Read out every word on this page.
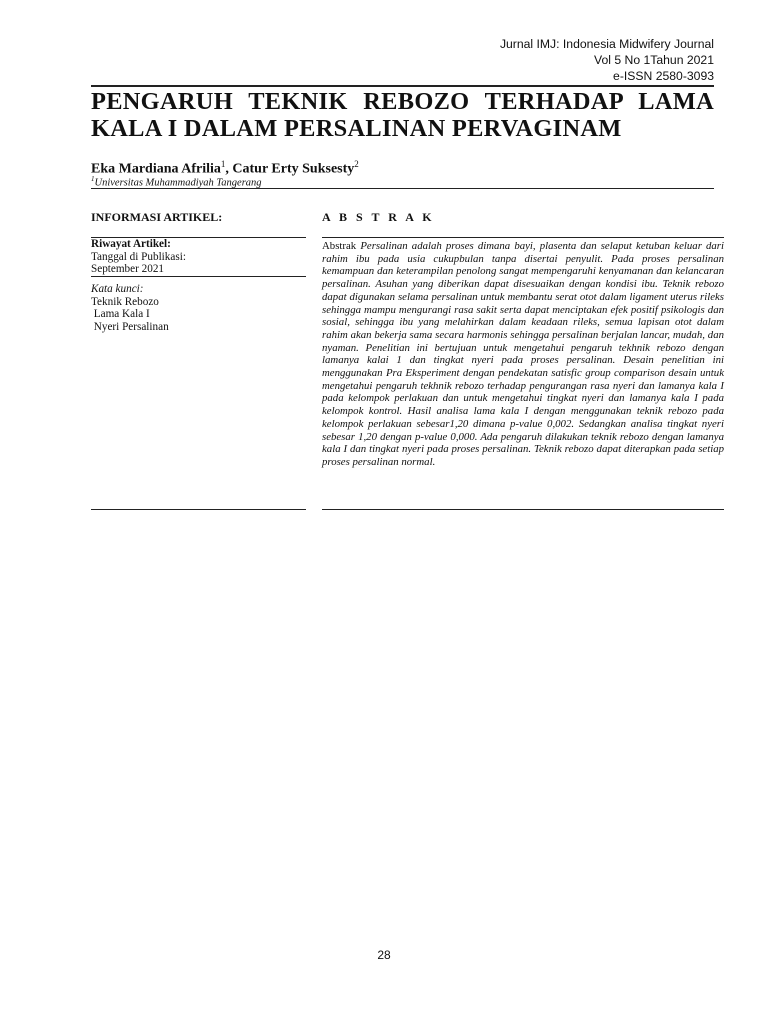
Jurnal IMJ: Indonesia Midwifery Journal
Vol 5 No 1Tahun 2021
e-ISSN 2580-3093
PENGARUH TEKNIK REBOZO TERHADAP LAMA KALA I DALAM PERSALINAN PERVAGINAM
Eka Mardiana Afrilia$^1$, Catur Erty Suksesty$^2$
$^1$Universitas Muhammadiyah Tangerang
INFORMASI ARTIKEL:	A B S T R A K
Riwayat Artikel:
Tanggal di Publikasi:
September 2021
Kata kunci:
Teknik Rebozo
Lama Kala I
Nyeri Persalinan

Abstrak Persalinan adalah proses dimana bayi, plasenta dan selaput ketuban keluar dari rahim ibu pada usia cukupbulan tanpa disertai penyulit. Pada proses persalinan kemampuan dan keterampilan penolong sangat mempengaruhi kenyamanan dan kelancaran persalinan. Asuhan yang diberikan dapat disesuaikan dengan kondisi ibu. Teknik rebozo dapat digunakan selama persalinan untuk membantu serat otot dalam ligament uterus rileks sehingga mampu mengurangi rasa sakit serta dapat menciptakan efek positif psikologis dan sosial, sehingga ibu yang melahirkan dalam keadaan rileks, semua lapisan otot dalam rahim akan bekerja sama secara harmonis sehingga persalinan berjalan lancar, mudah, dan nyaman. Penelitian ini bertujuan untuk mengetahui pengaruh tekhnik rebozo dengan lamanya kalai 1 dan tingkat nyeri pada proses persalinan. Desain penelitian ini menggunakan Pra Eksperiment dengan pendekatan satisfic group comparison desain untuk mengetahui pengaruh tekhnik rebozo terhadap pengurangan rasa nyeri dan lamanya kala I pada kelompok perlakuan dan untuk mengetahui tingkat nyeri dan lamanya kala I pada kelompok kontrol. Hasil analisa lama kala I dengan menggunakan teknik rebozo pada kelompok perlakuan sebesar1,20 dimana p-value 0,002. Sedangkan analisa tingkat nyeri sebesar 1,20 dengan p-value 0,000. Ada pengaruh dilakukan teknik rebozo dengan lamanya kala I dan tingkat nyeri pada proses persalinan. Teknik rebozo dapat diterapkan pada setiap proses persalinan normal.

28
